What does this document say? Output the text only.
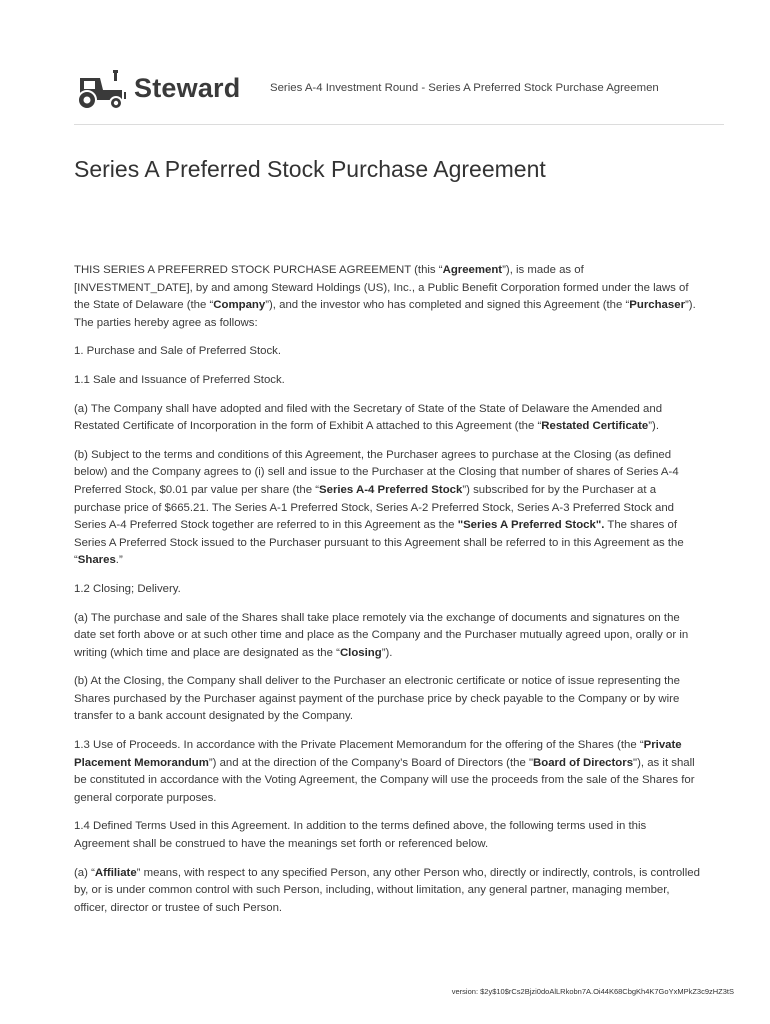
Steward	Series A-4 Investment Round - Series A Preferred Stock Purchase Agreemen
Series A Preferred Stock Purchase Agreement

THIS SERIES A PREFERRED STOCK PURCHASE AGREEMENT (this “Agreement”), is made as of [INVESTMENT_DATE], by and among Steward Holdings (US), Inc., a Public Benefit Corporation formed under the laws of the State of Delaware (the “Company”), and the investor who has completed and signed this Agreement (the “Purchaser”). The parties hereby agree as follows:

1. Purchase and Sale of Preferred Stock.

1.1 Sale and Issuance of Preferred Stock.

(a) The Company shall have adopted and filed with the Secretary of State of the State of Delaware the Amended and Restated Certificate of Incorporation in the form of Exhibit A attached to this Agreement (the “Restated Certificate”).

(b) Subject to the terms and conditions of this Agreement, the Purchaser agrees to purchase at the Closing (as defined below) and the Company agrees to (i) sell and issue to the Purchaser at the Closing that number of shares of Series A-4 Preferred Stock, $0.01 par value per share (the “Series A-4 Preferred Stock”) subscribed for by the Purchaser at a purchase price of $665.21. The Series A-1 Preferred Stock, Series A-2 Preferred Stock, Series A-3 Preferred Stock and Series A-4 Preferred Stock together are referred to in this Agreement as the "Series A Preferred Stock". The shares of Series A Preferred Stock issued to the Purchaser pursuant to this Agreement shall be referred to in this Agreement as the “Shares.”

1.2 Closing; Delivery.

(a) The purchase and sale of the Shares shall take place remotely via the exchange of documents and signatures on the date set forth above or at such other time and place as the Company and the Purchaser mutually agreed upon, orally or in writing (which time and place are designated as the “Closing”).

(b) At the Closing, the Company shall deliver to the Purchaser an electronic certificate or notice of issue representing the Shares purchased by the Purchaser against payment of the purchase price by check payable to the Company or by wire transfer to a bank account designated by the Company.

1.3 Use of Proceeds. In accordance with the Private Placement Memorandum for the offering of the Shares (the “Private Placement Memorandum”) and at the direction of the Company’s Board of Directors (the "Board of Directors"), as it shall be constituted in accordance with the Voting Agreement, the Company will use the proceeds from the sale of the Shares for general corporate purposes.

1.4 Defined Terms Used in this Agreement. In addition to the terms defined above, the following terms used in this Agreement shall be construed to have the meanings set forth or referenced below.

(a) “Affiliate” means, with respect to any specified Person, any other Person who, directly or indirectly, controls, is controlled by, or is under common control with such Person, including, without limitation, any general partner, managing member, officer, director or trustee of such Person.

version: $2y$10$rCs2Bjzi0doAlLRkobn7A.Oi44K68CbgKh4K7GoYxMPkZ3c9zHZ3tS
